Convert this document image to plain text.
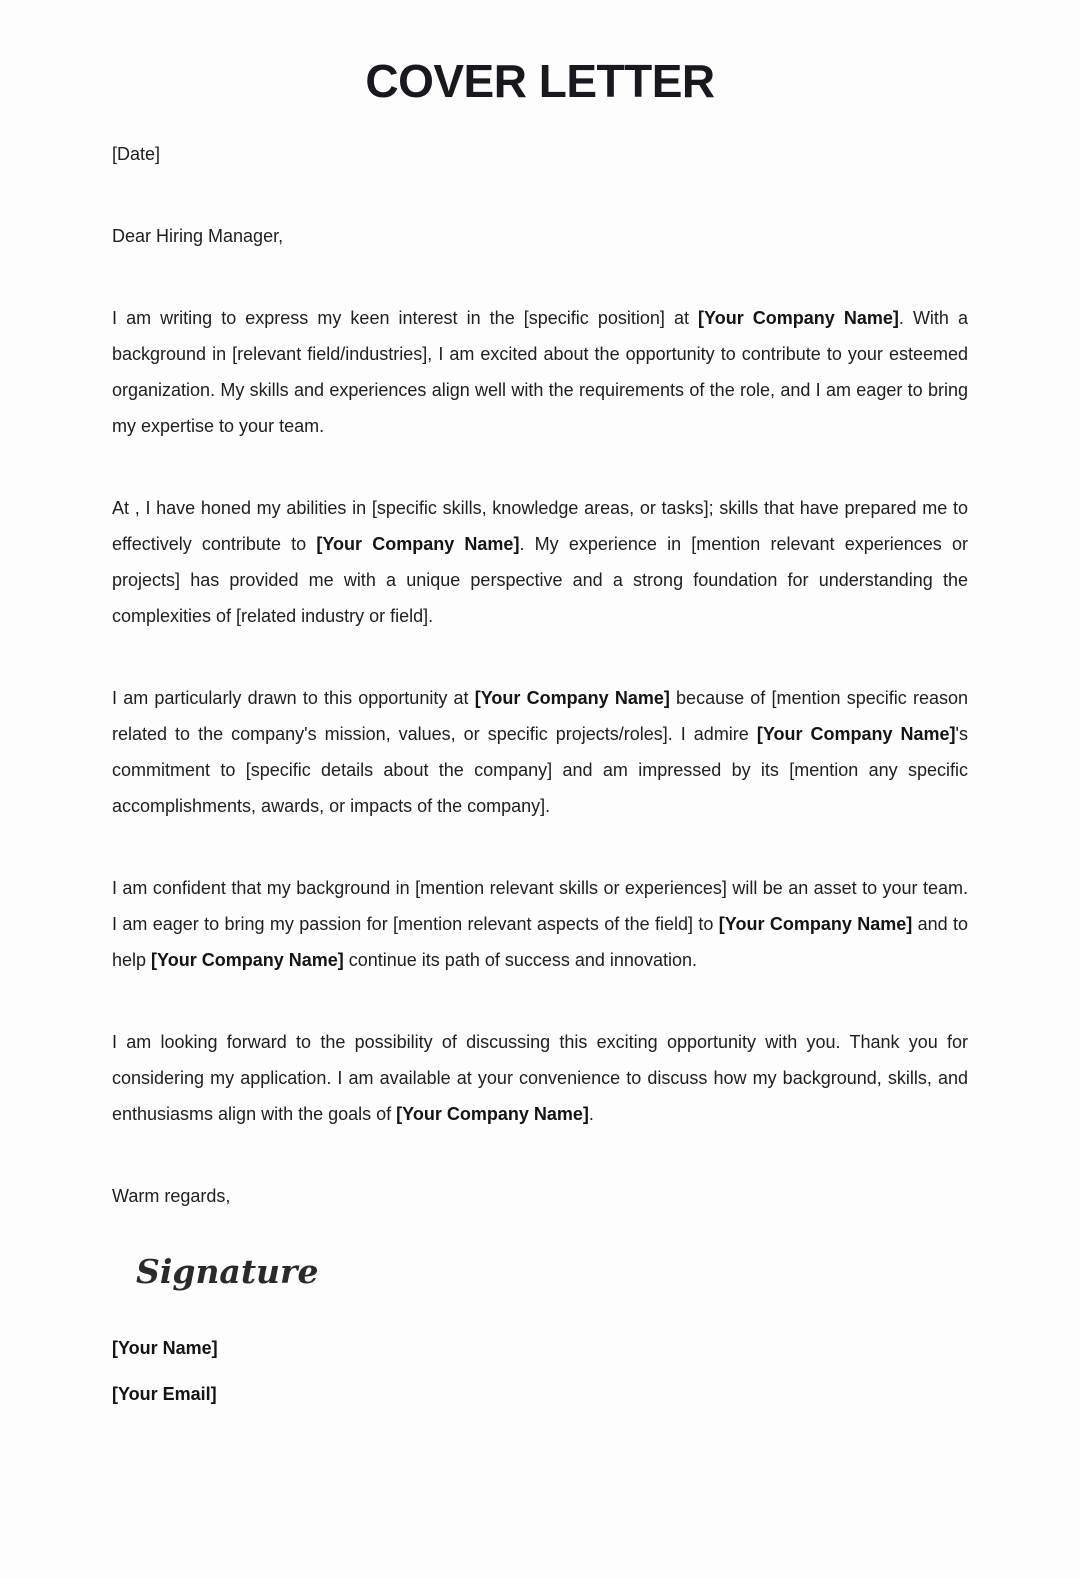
COVER LETTER

[Date]

Dear Hiring Manager,

I am writing to express my keen interest in the [specific position] at [Your Company Name]. With a background in [relevant field/industries], I am excited about the opportunity to contribute to your esteemed organization. My skills and experiences align well with the requirements of the role, and I am eager to bring my expertise to your team.

At , I have honed my abilities in [specific skills, knowledge areas, or tasks]; skills that have prepared me to effectively contribute to [Your Company Name]. My experience in [mention relevant experiences or projects] has provided me with a unique perspective and a strong foundation for understanding the complexities of [related industry or field].

I am particularly drawn to this opportunity at [Your Company Name] because of [mention specific reason related to the company's mission, values, or specific projects/roles]. I admire [Your Company Name]'s commitment to [specific details about the company] and am impressed by its [mention any specific accomplishments, awards, or impacts of the company].

I am confident that my background in [mention relevant skills or experiences] will be an asset to your team. I am eager to bring my passion for [mention relevant aspects of the field] to [Your Company Name] and to help [Your Company Name] continue its path of success and innovation.

I am looking forward to the possibility of discussing this exciting opportunity with you. Thank you for considering my application. I am available at your convenience to discuss how my background, skills, and enthusiasms align with the goals of [Your Company Name].

Warm regards,

Signature

[Your Name]

[Your Email]
